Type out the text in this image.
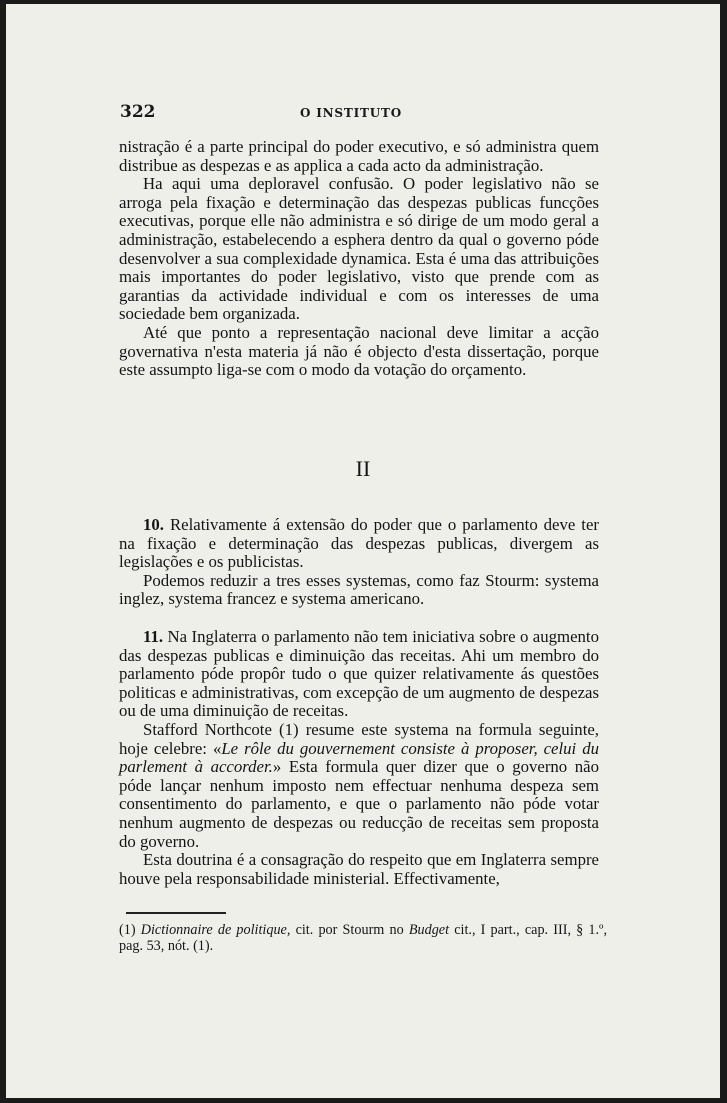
322	O INSTITUTO

nistração é a parte principal do poder executivo, e só administra quem distribue as despezas e as applica a cada acto da administração.

Ha aqui uma deploravel confusão. O poder legislativo não se arroga pela fixação e determinação das despezas publicas funcções executivas, porque elle não administra e só dirige de um modo geral a administração, estabelecendo a esphera dentro da qual o governo póde desenvolver a sua complexidade dynamica. Esta é uma das attribuições mais importantes do poder legislativo, visto que prende com as garantias da actividade individual e com os interesses de uma sociedade bem organizada.

Até que ponto a representação nacional deve limitar a acção governativa n'esta materia já não é objecto d'esta dissertação, porque este assumpto liga-se com o modo da votação do orçamento.

II

10. Relativamente á extensão do poder que o parlamento deve ter na fixação e determinação das despezas publicas, divergem as legislações e os publicistas.

Podemos reduzir a tres esses systemas, como faz Stourm: systema inglez, systema francez e systema americano.

11. Na Inglaterra o parlamento não tem iniciativa sobre o augmento das despezas publicas e diminuição das receitas. Ahi um membro do parlamento póde propôr tudo o que quizer relativamente ás questões politicas e administrativas, com excepção de um augmento de despezas ou de uma diminuição de receitas.

Stafford Northcote (1) resume este systema na formula seguinte, hoje celebre: «Le rôle du gouvernement consiste à proposer, celui du parlement à accorder.» Esta formula quer dizer que o governo não póde lançar nenhum imposto nem effectuar nenhuma despeza sem consentimento do parlamento, e que o parlamento não póde votar nenhum augmento de despezas ou reducção de receitas sem proposta do governo.

Esta doutrina é a consagração do respeito que em Inglaterra sempre houve pela responsabilidade ministerial. Effectivamente,

(1) Dictionnaire de politique, cit. por Stourm no Budget cit., I part., cap. III, § 1.º, pag. 53, nót. (1).
